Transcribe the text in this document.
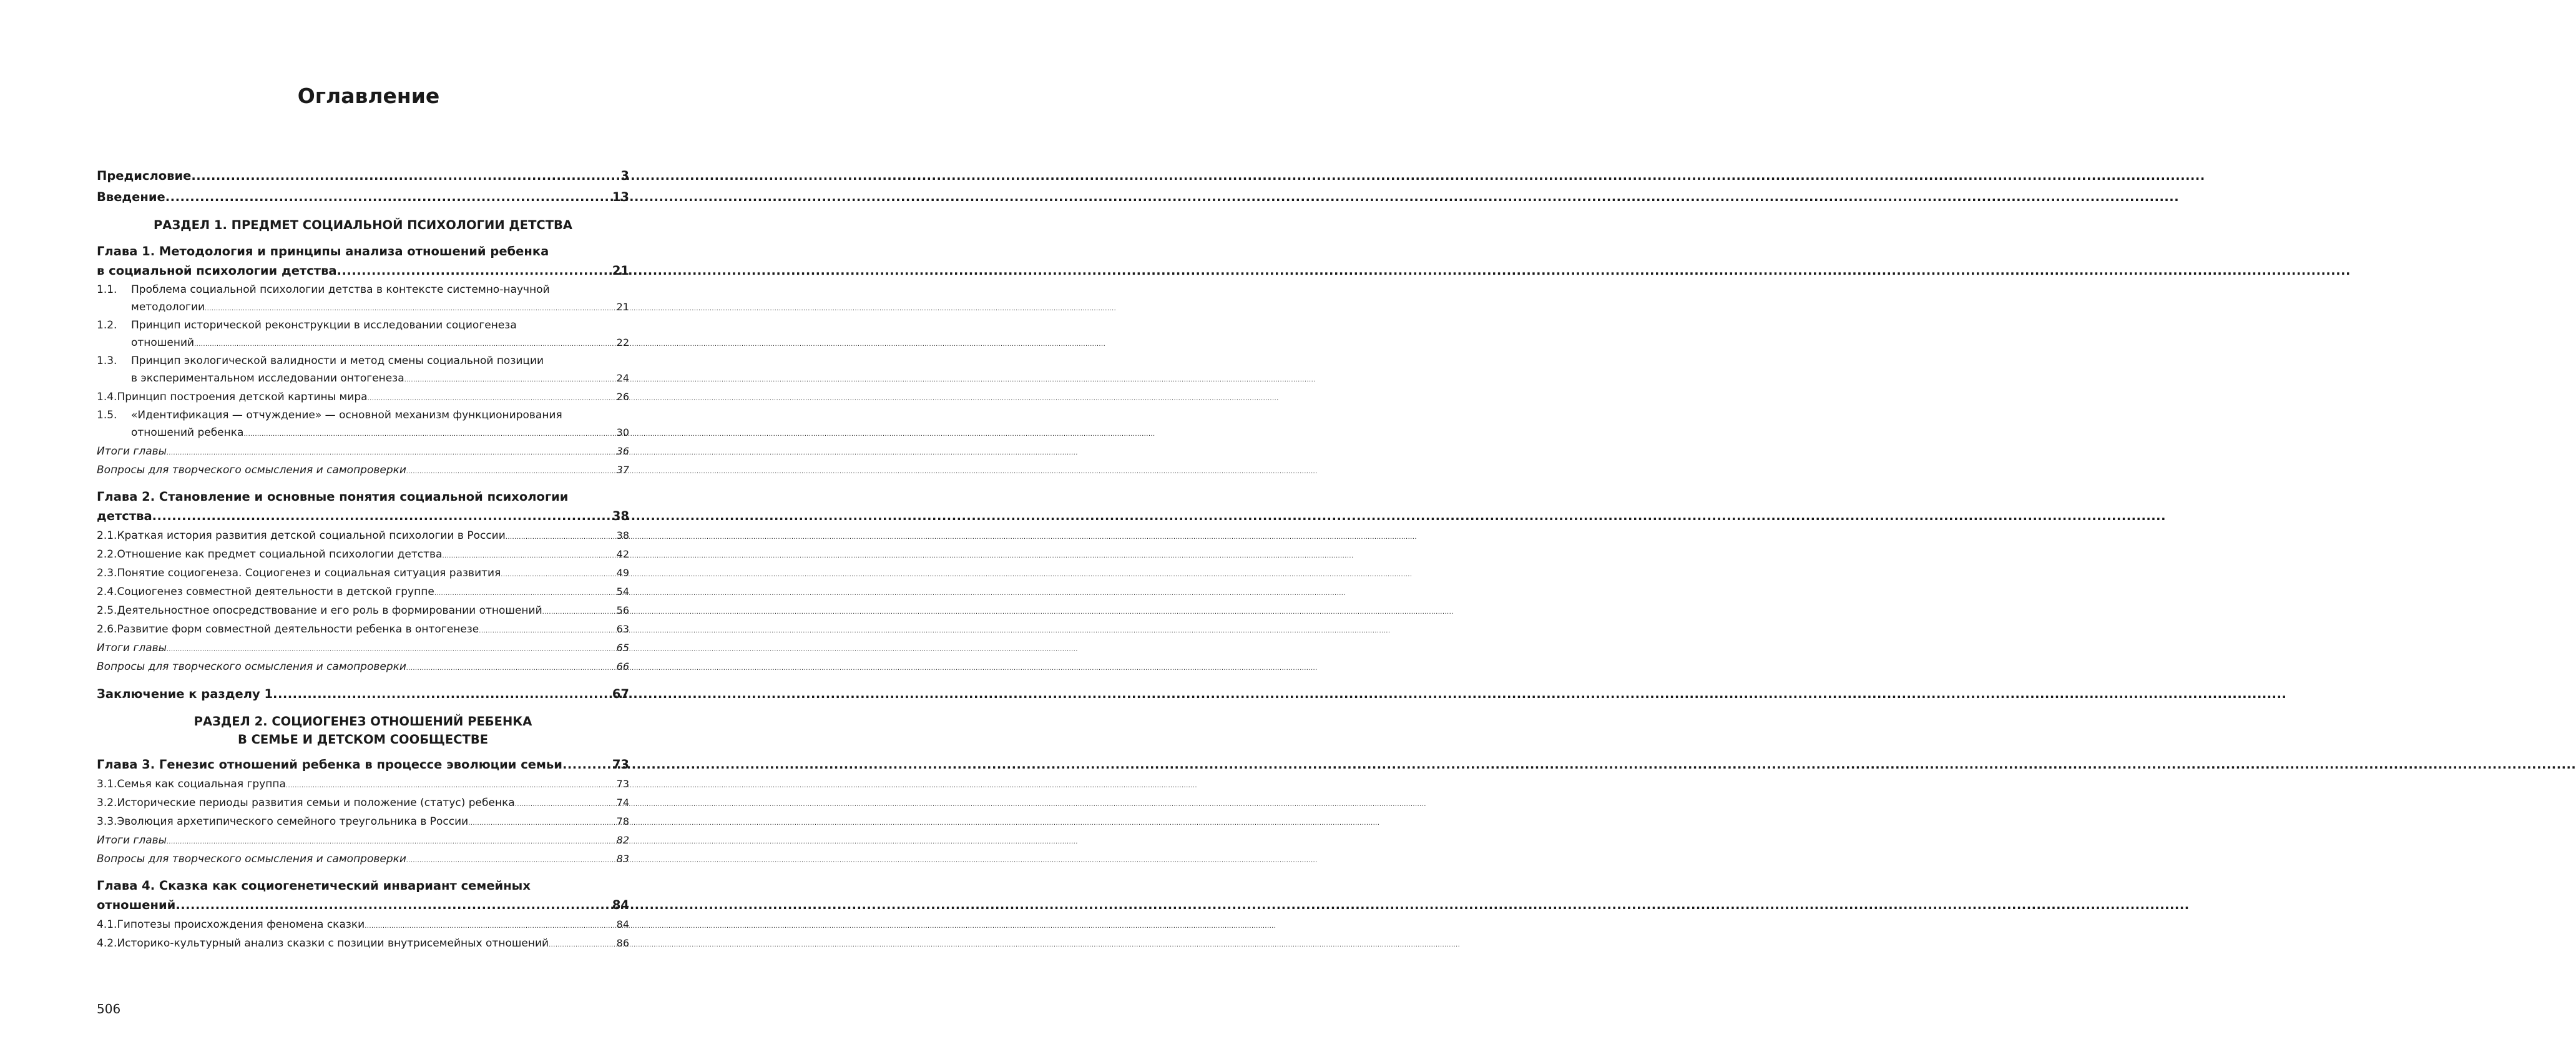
Оглавление
Предисловие .....	3
Введение .....	13
РАЗДЕЛ 1. ПРЕДМЕТ СОЦИАЛЬНОЙ ПСИХОЛОГИИ ДЕТСТВА
Глава 1. Методология и принципы анализа отношений ребенка
в социальной психологии детства .....	21
1.1. Проблема социальной психологии детства в контексте системно-научной
методологии .....	21
1.2. Принцип исторической реконструкции в исследовании социогенеза
отношений .....	22
1.3. Принцип экологической валидности и метод смены социальной позиции
в экспериментальном исследовании онтогенеза .....	24
1.4. Принцип построения детской картины мира .....	26
1.5. «Идентификация — отчуждение» — основной механизм функционирования
отношений ребенка .....	30
Итоги главы .....	36
Вопросы для творческого осмысления и самопроверки .....	37
Глава 2. Становление и основные понятия социальной психологии
детства .....	38
2.1. Краткая история развития детской социальной психологии в России .....	38
2.2. Отношение как предмет социальной психологии детства .....	42
2.3. Понятие социогенеза. Социогенез и социальная ситуация развития .....	49
2.4. Социогенез совместной деятельности в детской группе .....	54
2.5. Деятельностное опосредствование и его роль в формировании отношений .....	56
2.6. Развитие форм совместной деятельности ребенка в онтогенезе .....	63
Итоги главы .....	65
Вопросы для творческого осмысления и самопроверки .....	66
Заключение к разделу 1 .....	67
РАЗДЕЛ 2. СОЦИОГЕНЕЗ ОТНОШЕНИЙ РЕБЕНКА
В СЕМЬЕ И ДЕТСКОМ СООБЩЕСТВЕ
Глава 3. Генезис отношений ребенка в процессе эволюции семьи .....	73
3.1. Семья как социальная группа .....	73
3.2. Исторические периоды развития семьи и положение (статус) ребенка .....	74
3.3. Эволюция архетипического семейного треугольника в России .....	78
Итоги главы .....	82
Вопросы для творческого осмысления и самопроверки .....	83
Глава 4. Сказка как социогенетический инвариант семейных
отношений .....	84
4.1. Гипотезы происхождения феномена сказки .....	84
4.2. Историко-культурный анализ сказки с позиции внутрисемейных отношений .....	86
506
